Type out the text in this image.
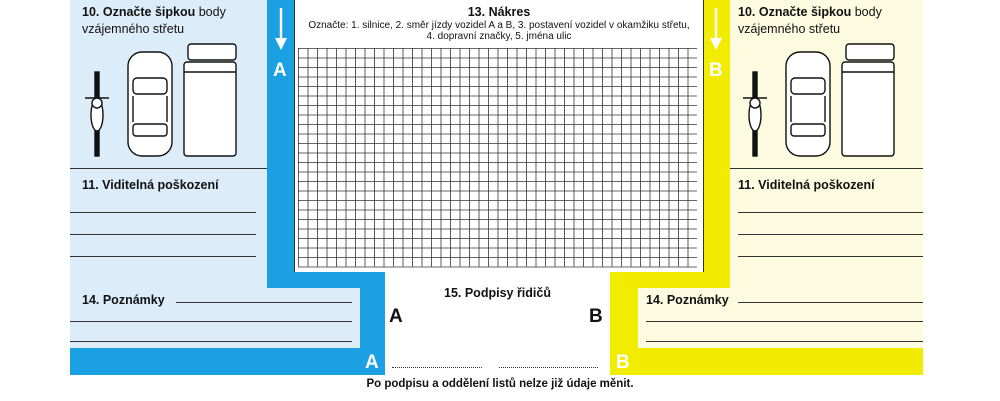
10. Označte šipkou body
vzájemného střetu
11. Viditelná poškození
14. Poznámky
A
A
10. Označte šipkou body
vzájemného střetu
11. Viditelná poškození
14. Poznámky
B
B
13. Nákres
Označte: 1. silnice, 2. směr jízdy vozidel A a B, 3. postavení vozidel v okamžiku střetu,
4. dopravní značky, 5. jména ulic
15. Podpisy řidičů
A	B
Po podpisu a oddělení listů nelze již údaje měnit.
